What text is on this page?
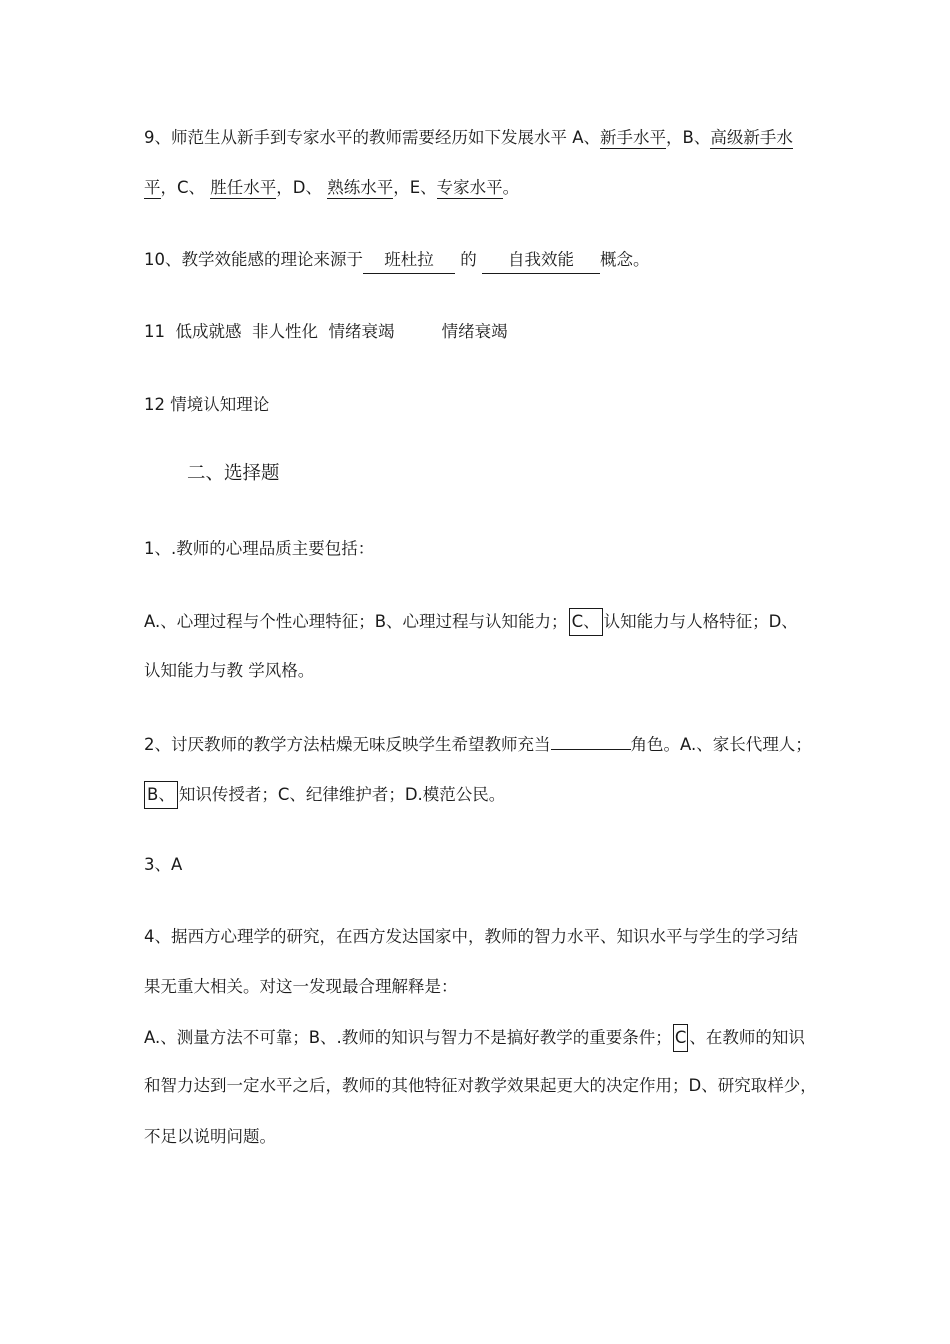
9、师范生从新手到专家水平的教师需要经历如下发展水平 A、新手水平，B、高级新手水
平，C、 胜任水平，D、 熟练水平，E、专家水平。
10、教学效能感的理论来源于 班杜拉 的 自我效能 概念。
11  低成就感  非人性化  情绪衰竭         情绪衰竭
12 情境认知理论
二、选择题
1、.教师的心理品质主要包括：
A.、心理过程与个性心理特征；B、心理过程与认知能力； C、 认知能力与人格特征；D、
认知能力与教 学风格。
2、讨厌教师的教学方法枯燥无味反映学生希望教师充当	角色。A.、家长代理人；
B、 知识传授者；C、纪律维护者；D.模范公民。
3、A
4、据西方心理学的研究，在西方发达国家中，教师的智力水平、知识水平与学生的学习结
果无重大相关。对这一发现最合理解释是：
A.、测量方法不可靠；B、.教师的知识与智力不是搞好教学的重要条件； C 、在教师的知识
和智力达到一定水平之后，教师的其他特征对教学效果起更大的决定作用；D、研究取样少，
不足以说明问题。
